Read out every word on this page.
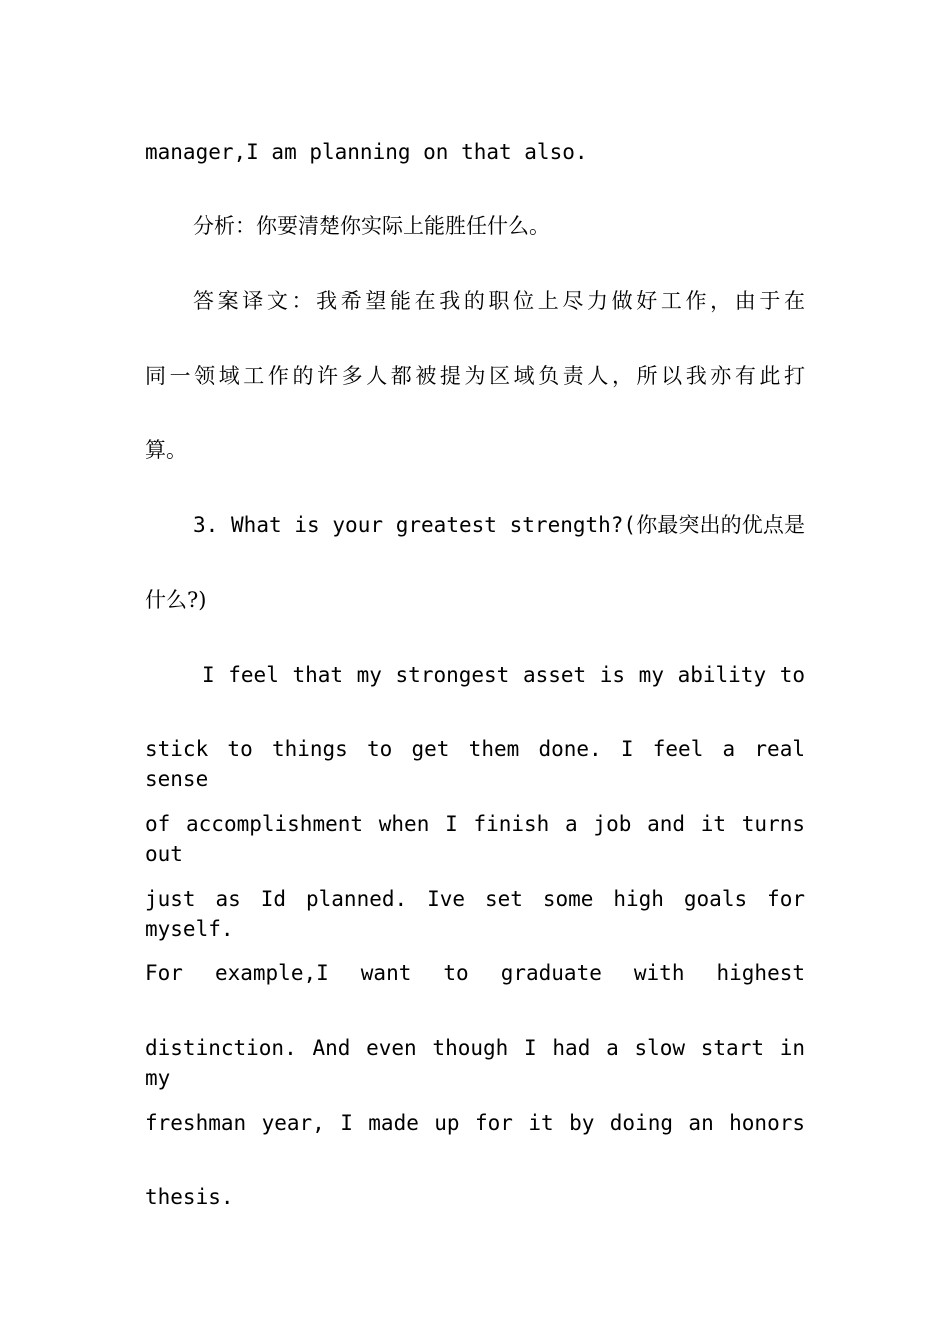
manager,I am planning on that also.
分析：你要清楚你实际上能胜任什么。
答案译文：我希望能在我的职位上尽力做好工作，由于在
同一领域工作的许多人都被提为区域负责人，所以我亦有此打
算。
3. What is your greatest strength?(你最突出的优点是
什么?)
I feel that my strongest asset is my ability to
stick to things to get them done. I feel a real sense
of accomplishment when I finish a job and it turns out
just as Id planned. Ive set some high goals for myself.
For example,I want to graduate with highest
distinction. And even though I had a slow start in my
freshman year, I made up for it by doing an honors
thesis.
